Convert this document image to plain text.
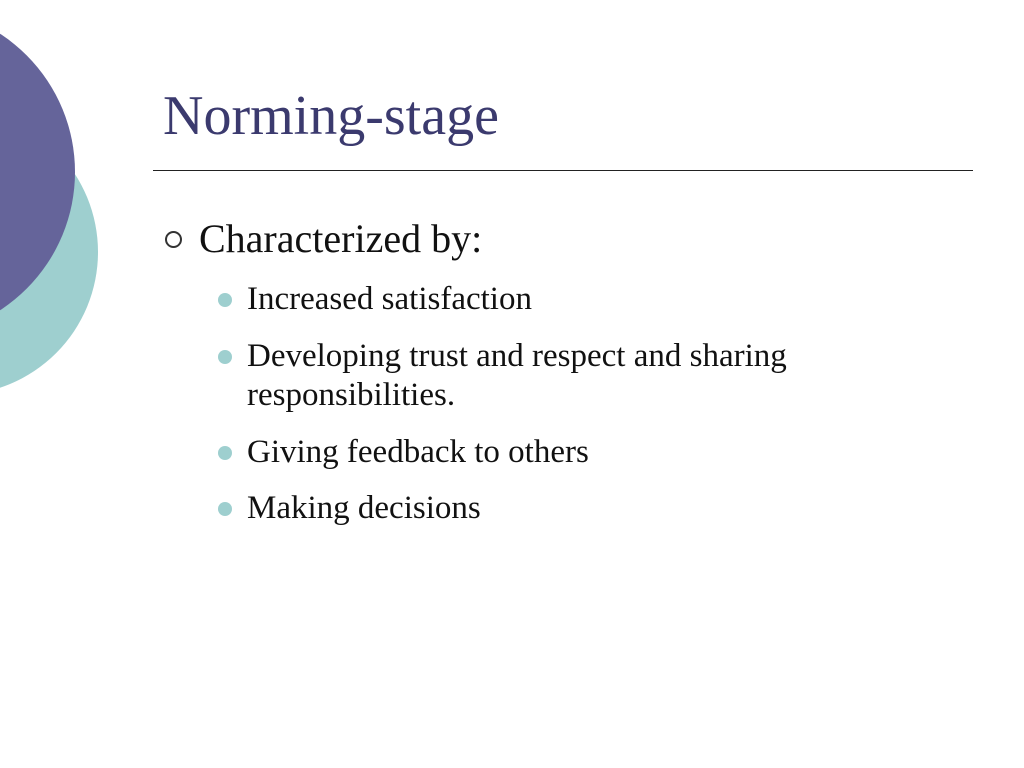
Norming-stage
Characterized by:
Increased satisfaction
Developing trust and respect and sharing responsibilities.
Giving feedback to others
Making decisions
